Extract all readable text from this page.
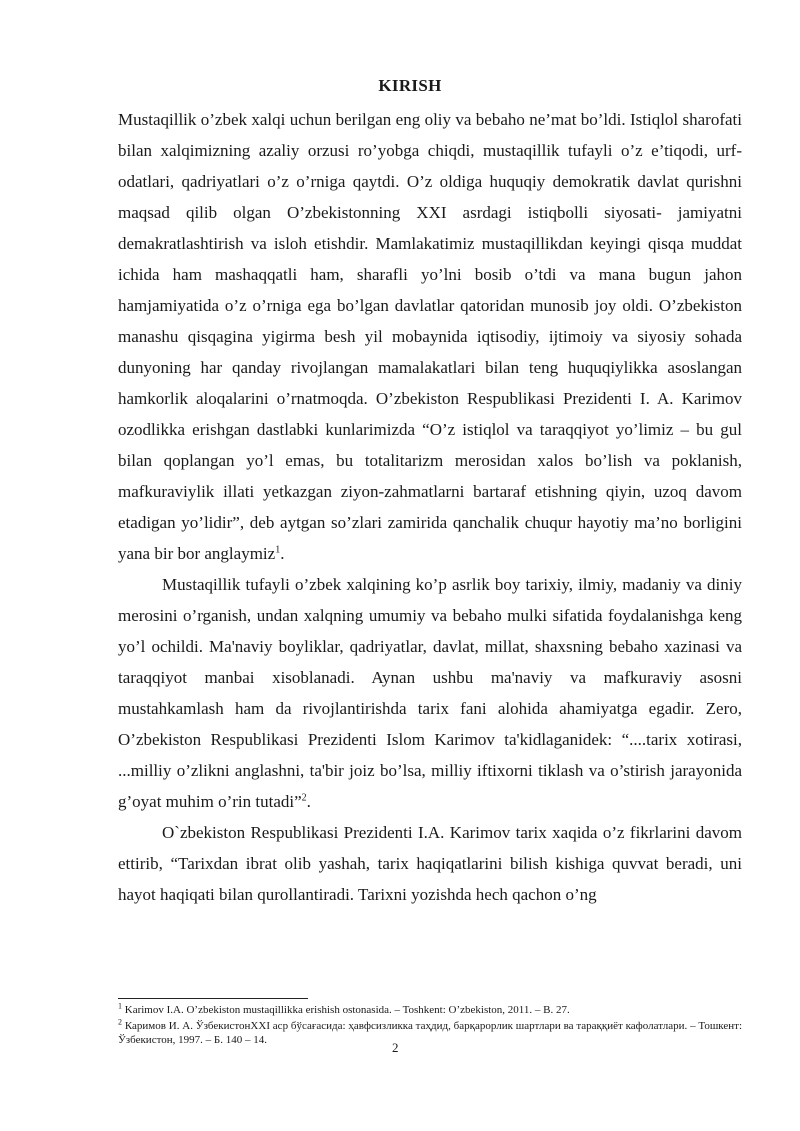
KIRISH

Mustaqillik o’zbek xalqi uchun berilgan eng oliy va bebaho ne’mat bo’ldi. Istiqlol sharofati bilan xalqimizning azaliy orzusi ro’yobga chiqdi, mustaqillik tufayli o’z e’tiqodi, urf-odatlari, qadriyatlari o’z o’rniga qaytdi. O’z oldiga huquqiy demokratik davlat qurishni maqsad qilib olgan O’zbekistonning XXI asrdagi istiqbolli siyosati- jamiyatni demakratlashtirish va isloh etishdir. Mamlakatimiz mustaqillikdan keyingi qisqa muddat ichida ham mashaqqatli ham, sharafli yo’lni bosib o’tdi va mana bugun jahon hamjamiyatida o’z o’rniga ega bo’lgan davlatlar qatoridan munosib joy oldi. O’zbekiston manashu qisqagina yigirma besh yil mobaynida iqtisodiy, ijtimoiy va siyosiy sohada dunyoning har qanday rivojlangan mamalakatlari bilan teng huquqiylikka asoslangan hamkorlik aloqalarini o’rnatmoqda. O’zbekiston Respublikasi Prezidenti I. A. Karimov ozodlikka erishgan dastlabki kunlarimizda “O’z istiqlol va taraqqiyot yo’limiz – bu gul bilan qoplangan yo’l emas, bu totalitarizm merosidan xalos bo’lish va poklanish, mafkuraviylik illati yetkazgan ziyon-zahmatlarni bartaraf etishning qiyin, uzoq davom etadigan yo’lidir”, deb aytgan so’zlari zamirida qanchalik chuqur hayotiy ma’no borligini yana bir bor anglaymiz$^1$.

Mustaqillik tufayli o’zbek xalqining ko’p asrlik boy tarixiy, ilmiy, madaniy va diniy merosini o’rganish, undan xalqning umumiy va bebaho mulki sifatida foydalanishga keng yo’l ochildi. Ma'naviy boyliklar, qadriyatlar, davlat, millat, shaxsning bebaho xazinasi va taraqqiyot manbai xisoblanadi. Aynan ushbu ma'naviy va mafkuraviy asosni mustahkamlash ham da rivojlantirishda tarix fani alohida ahamiyatga egadir. Zero, O’zbekiston Respublikasi Prezidenti Islom Karimov ta'kidlaganidek: “....tarix xotirasi, ...milliy o’zlikni anglashni, ta'bir joiz bo’lsa, milliy iftixorni tiklash va o’stirish jarayonida g’oyat muhim o’rin tutadi”$^2$.

O`zbekiston Respublikasi Prezidenti I.A. Karimov tarix xaqida o’z fikrlarini davom ettirib, “Tarixdan ibrat olib yashah, tarix haqiqatlarini bilish kishiga quvvat beradi, uni hayot haqiqati bilan qurollantiradi. Tarixni yozishda hech qachon o’ng

$^1$ Karimov I.A. O’zbekiston mustaqillikka erishish ostonasida. – Toshkent: O’zbekiston, 2011. – B. 27.

$^2$ Каримов И. А. ЎзбекистонXXI аср бўсағасида: ҳавфсизликка таҳдид, барқарорлик шартлари ва тараққиёт кафолатлари. – Тошкент: Ўзбекистон, 1997. – Б. 140 – 14.	2
